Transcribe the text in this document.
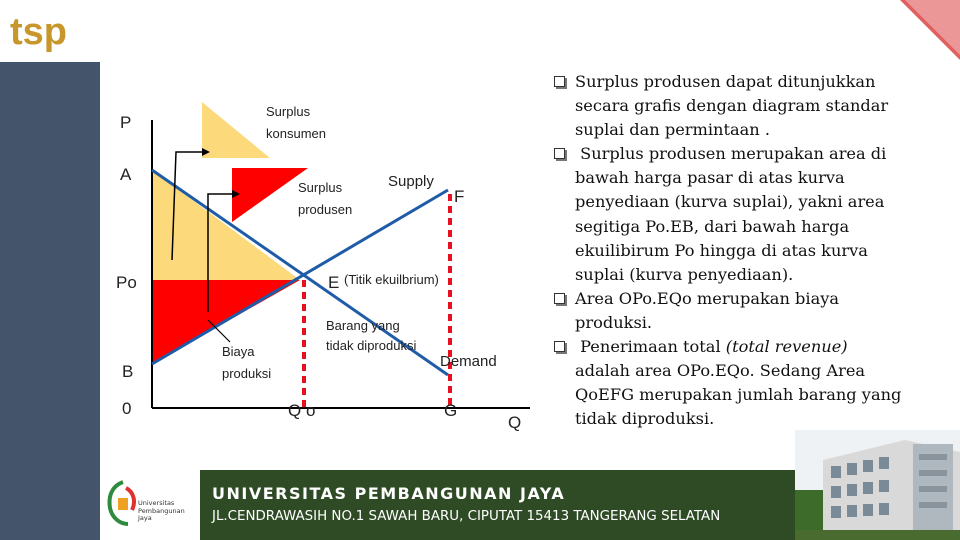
tsp
P
Q
A
Po
B
0	Q o	G
F
E
Surplus
konsumen
Surplus
produsen
Supply
(Titik ekuilbrium)
Barang yang
tidak diproduksi
Biaya
produksi
Demand
Surplus produsen dapat ditunjukkan
secara grafis dengan diagram standar
suplai dan permintaan .
Surplus produsen merupakan area di
bawah harga pasar di atas kurva
penyediaan (kurva suplai), yakni area
segitiga Po.EB, dari bawah harga
ekuilibirum Po hingga di atas kurva
suplai (kurva penyediaan).
Area OPo.EQo merupakan biaya
produksi.
Penerimaan total (total revenue)
adalah area OPo.EQo. Sedang Area
QoEFG merupakan jumlah barang yang
tidak diproduksi.
Universitas
Pembangunan
Jaya
UNIVERSITAS PEMBANGUNAN JAYA
JL.CENDRAWASIH NO.1 SAWAH BARU, CIPUTAT 15413 TANGERANG SELATAN
